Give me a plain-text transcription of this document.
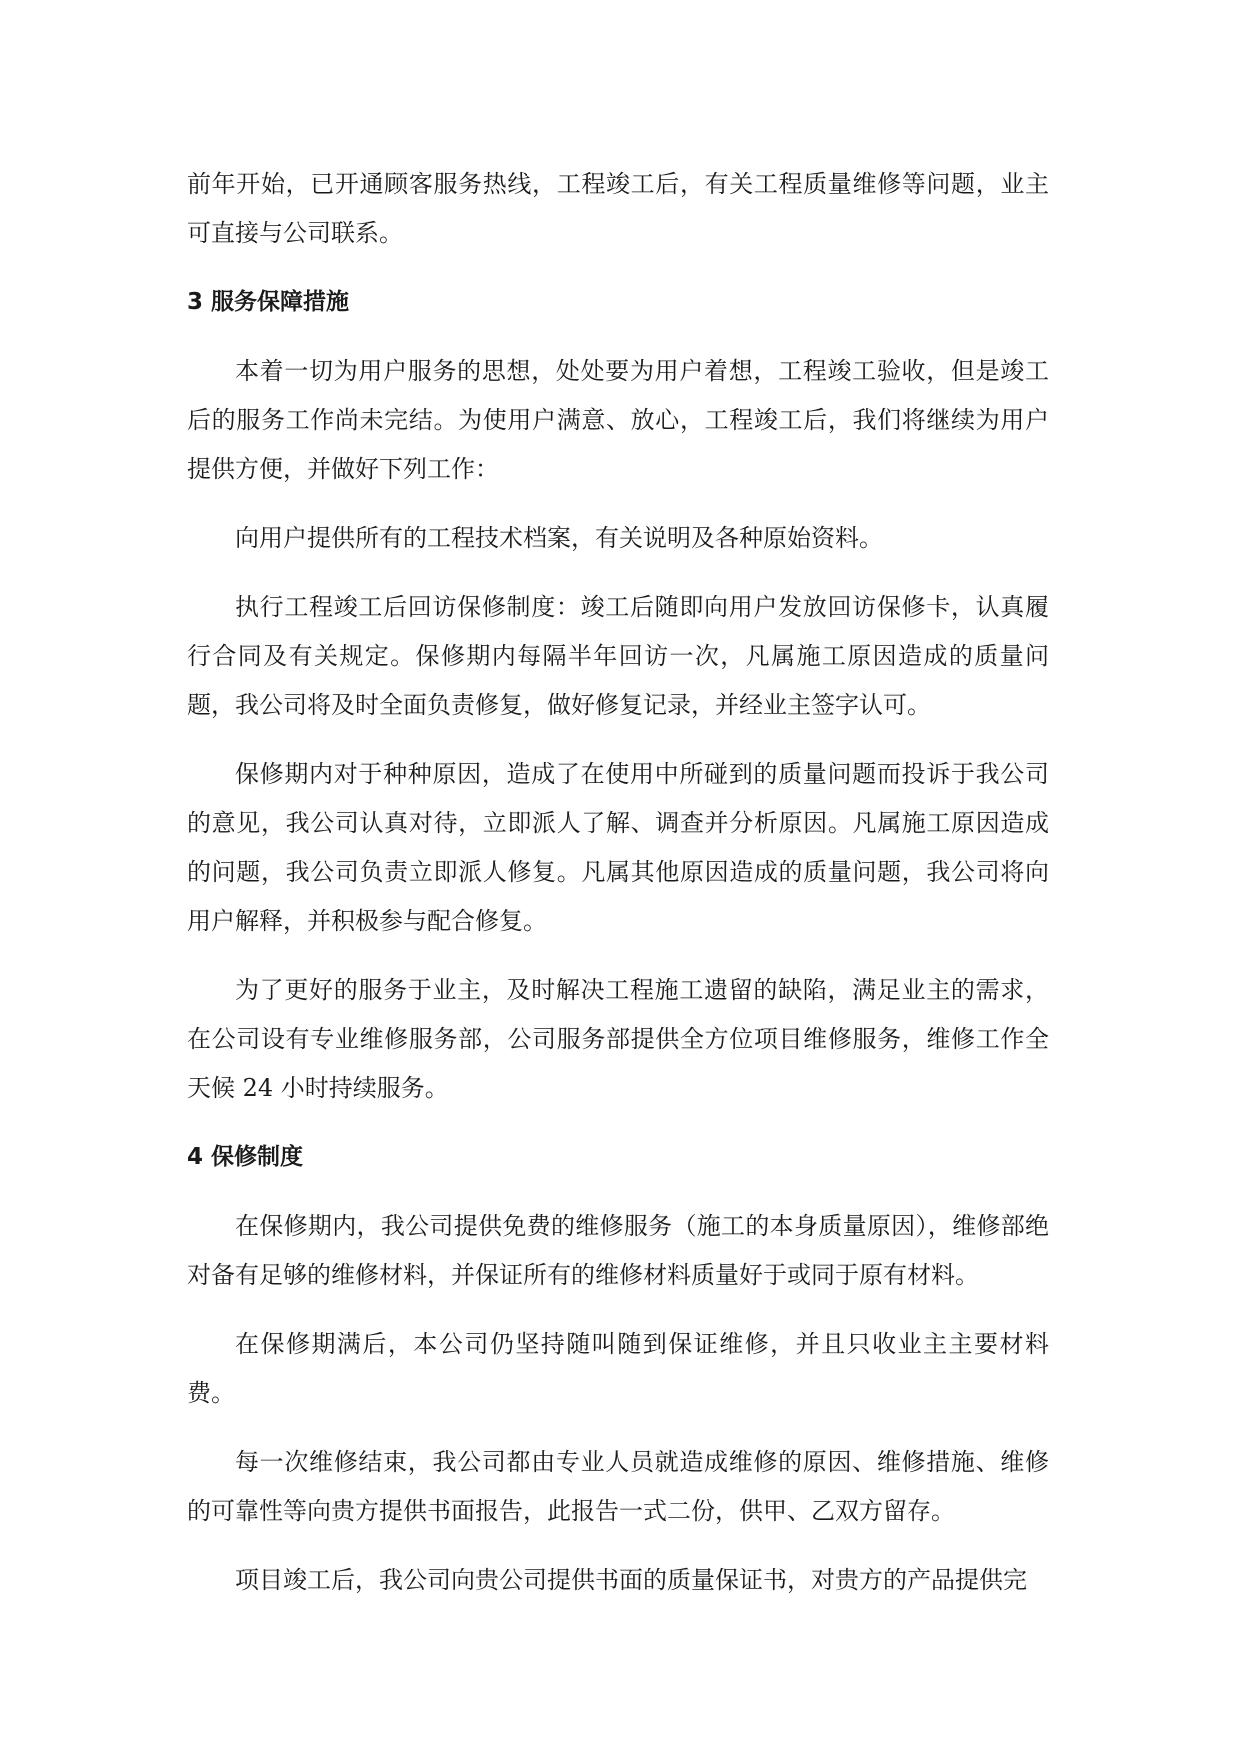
前年开始，已开通顾客服务热线，工程竣工后，有关工程质量维修等问题，业主可直接与公司联系。

3 服务保障措施

本着一切为用户服务的思想，处处要为用户着想，工程竣工验收，但是竣工后的服务工作尚未完结。为使用户满意、放心，工程竣工后，我们将继续为用户提供方便，并做好下列工作：

向用户提供所有的工程技术档案，有关说明及各种原始资料。

执行工程竣工后回访保修制度：竣工后随即向用户发放回访保修卡，认真履行合同及有关规定。保修期内每隔半年回访一次，凡属施工原因造成的质量问题，我公司将及时全面负责修复，做好修复记录，并经业主签字认可。

保修期内对于种种原因，造成了在使用中所碰到的质量问题而投诉于我公司的意见，我公司认真对待，立即派人了解、调查并分析原因。凡属施工原因造成的问题，我公司负责立即派人修复。凡属其他原因造成的质量问题，我公司将向用户解释，并积极参与配合修复。

为了更好的服务于业主，及时解决工程施工遗留的缺陷，满足业主的需求，在公司设有专业维修服务部，公司服务部提供全方位项目维修服务，维修工作全天候 24 小时持续服务。

4 保修制度

在保修期内，我公司提供免费的维修服务（施工的本身质量原因），维修部绝对备有足够的维修材料，并保证所有的维修材料质量好于或同于原有材料。

在保修期满后，本公司仍坚持随叫随到保证维修，并且只收业主主要材料费。

每一次维修结束，我公司都由专业人员就造成维修的原因、维修措施、维修的可靠性等向贵方提供书面报告，此报告一式二份，供甲、乙双方留存。

项目竣工后，我公司向贵公司提供书面的质量保证书，对贵方的产品提供完
